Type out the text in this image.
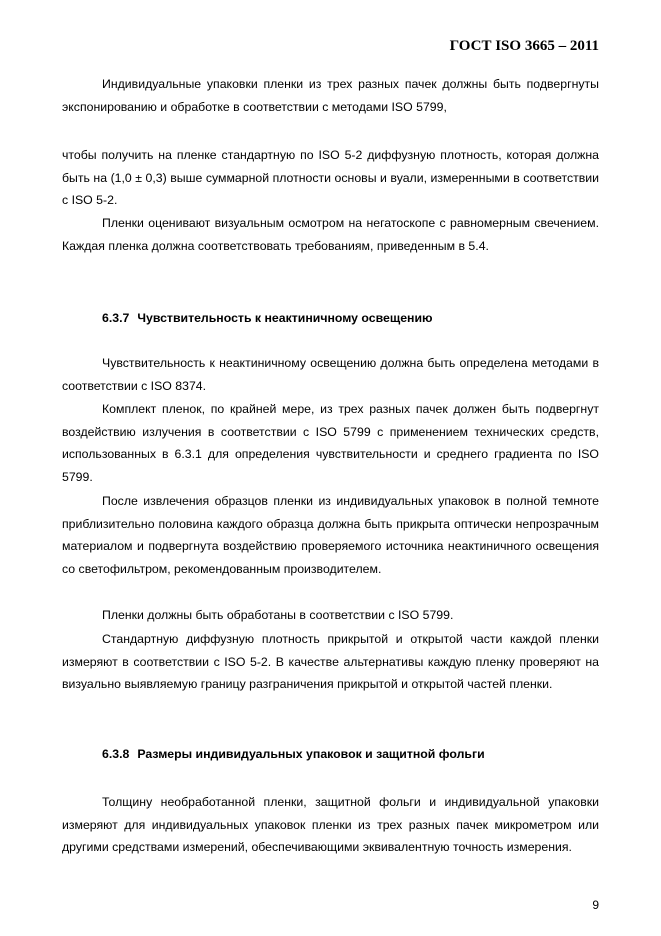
ГОСТ ISO 3665 – 2011

Индивидуальные упаковки пленки из трех разных пачек должны быть подвергнуты экспонированию и обработке в соответствии с методами ISO 5799,

чтобы получить на пленке стандартную по ISO 5-2 диффузную плотность, которая должна быть на (1,0 ± 0,3) выше суммарной плотности основы и вуали, измеренными в соответствии с ISO 5-2.

Пленки оценивают визуальным осмотром на негатоскопе с равномерным свечением. Каждая пленка должна соответствовать требованиям, приведенным в 5.4.

6.3.7 Чувствительность к неактиничному освещению

Чувствительность к неактиничному освещению должна быть определена методами в соответствии с ISO 8374.

Комплект пленок, по крайней мере, из трех разных пачек должен быть подвергнут воздействию излучения в соответствии с ISO 5799 с применением технических средств, использованных в 6.3.1 для определения чувствительности и среднего градиента по ISO 5799.

После извлечения образцов пленки из индивидуальных упаковок в полной темноте приблизительно половина каждого образца должна быть прикрыта оптически непрозрачным материалом и подвергнута воздействию проверяемого источника неактиничного освещения со светофильтром, рекомендованным производителем.

Пленки должны быть обработаны в соответствии с ISO 5799.

Стандартную диффузную плотность прикрытой и открытой части каждой пленки измеряют в соответствии с ISO 5-2. В качестве альтернативы каждую пленку проверяют на визуально выявляемую границу разграничения прикрытой и открытой частей пленки.

6.3.8 Размеры индивидуальных упаковок и защитной фольги

Толщину необработанной пленки, защитной фольги и индивидуальной упаковки измеряют для индивидуальных упаковок пленки из трех разных пачек микрометром или другими средствами измерений, обеспечивающими эквивалентную точность измерения.

9
